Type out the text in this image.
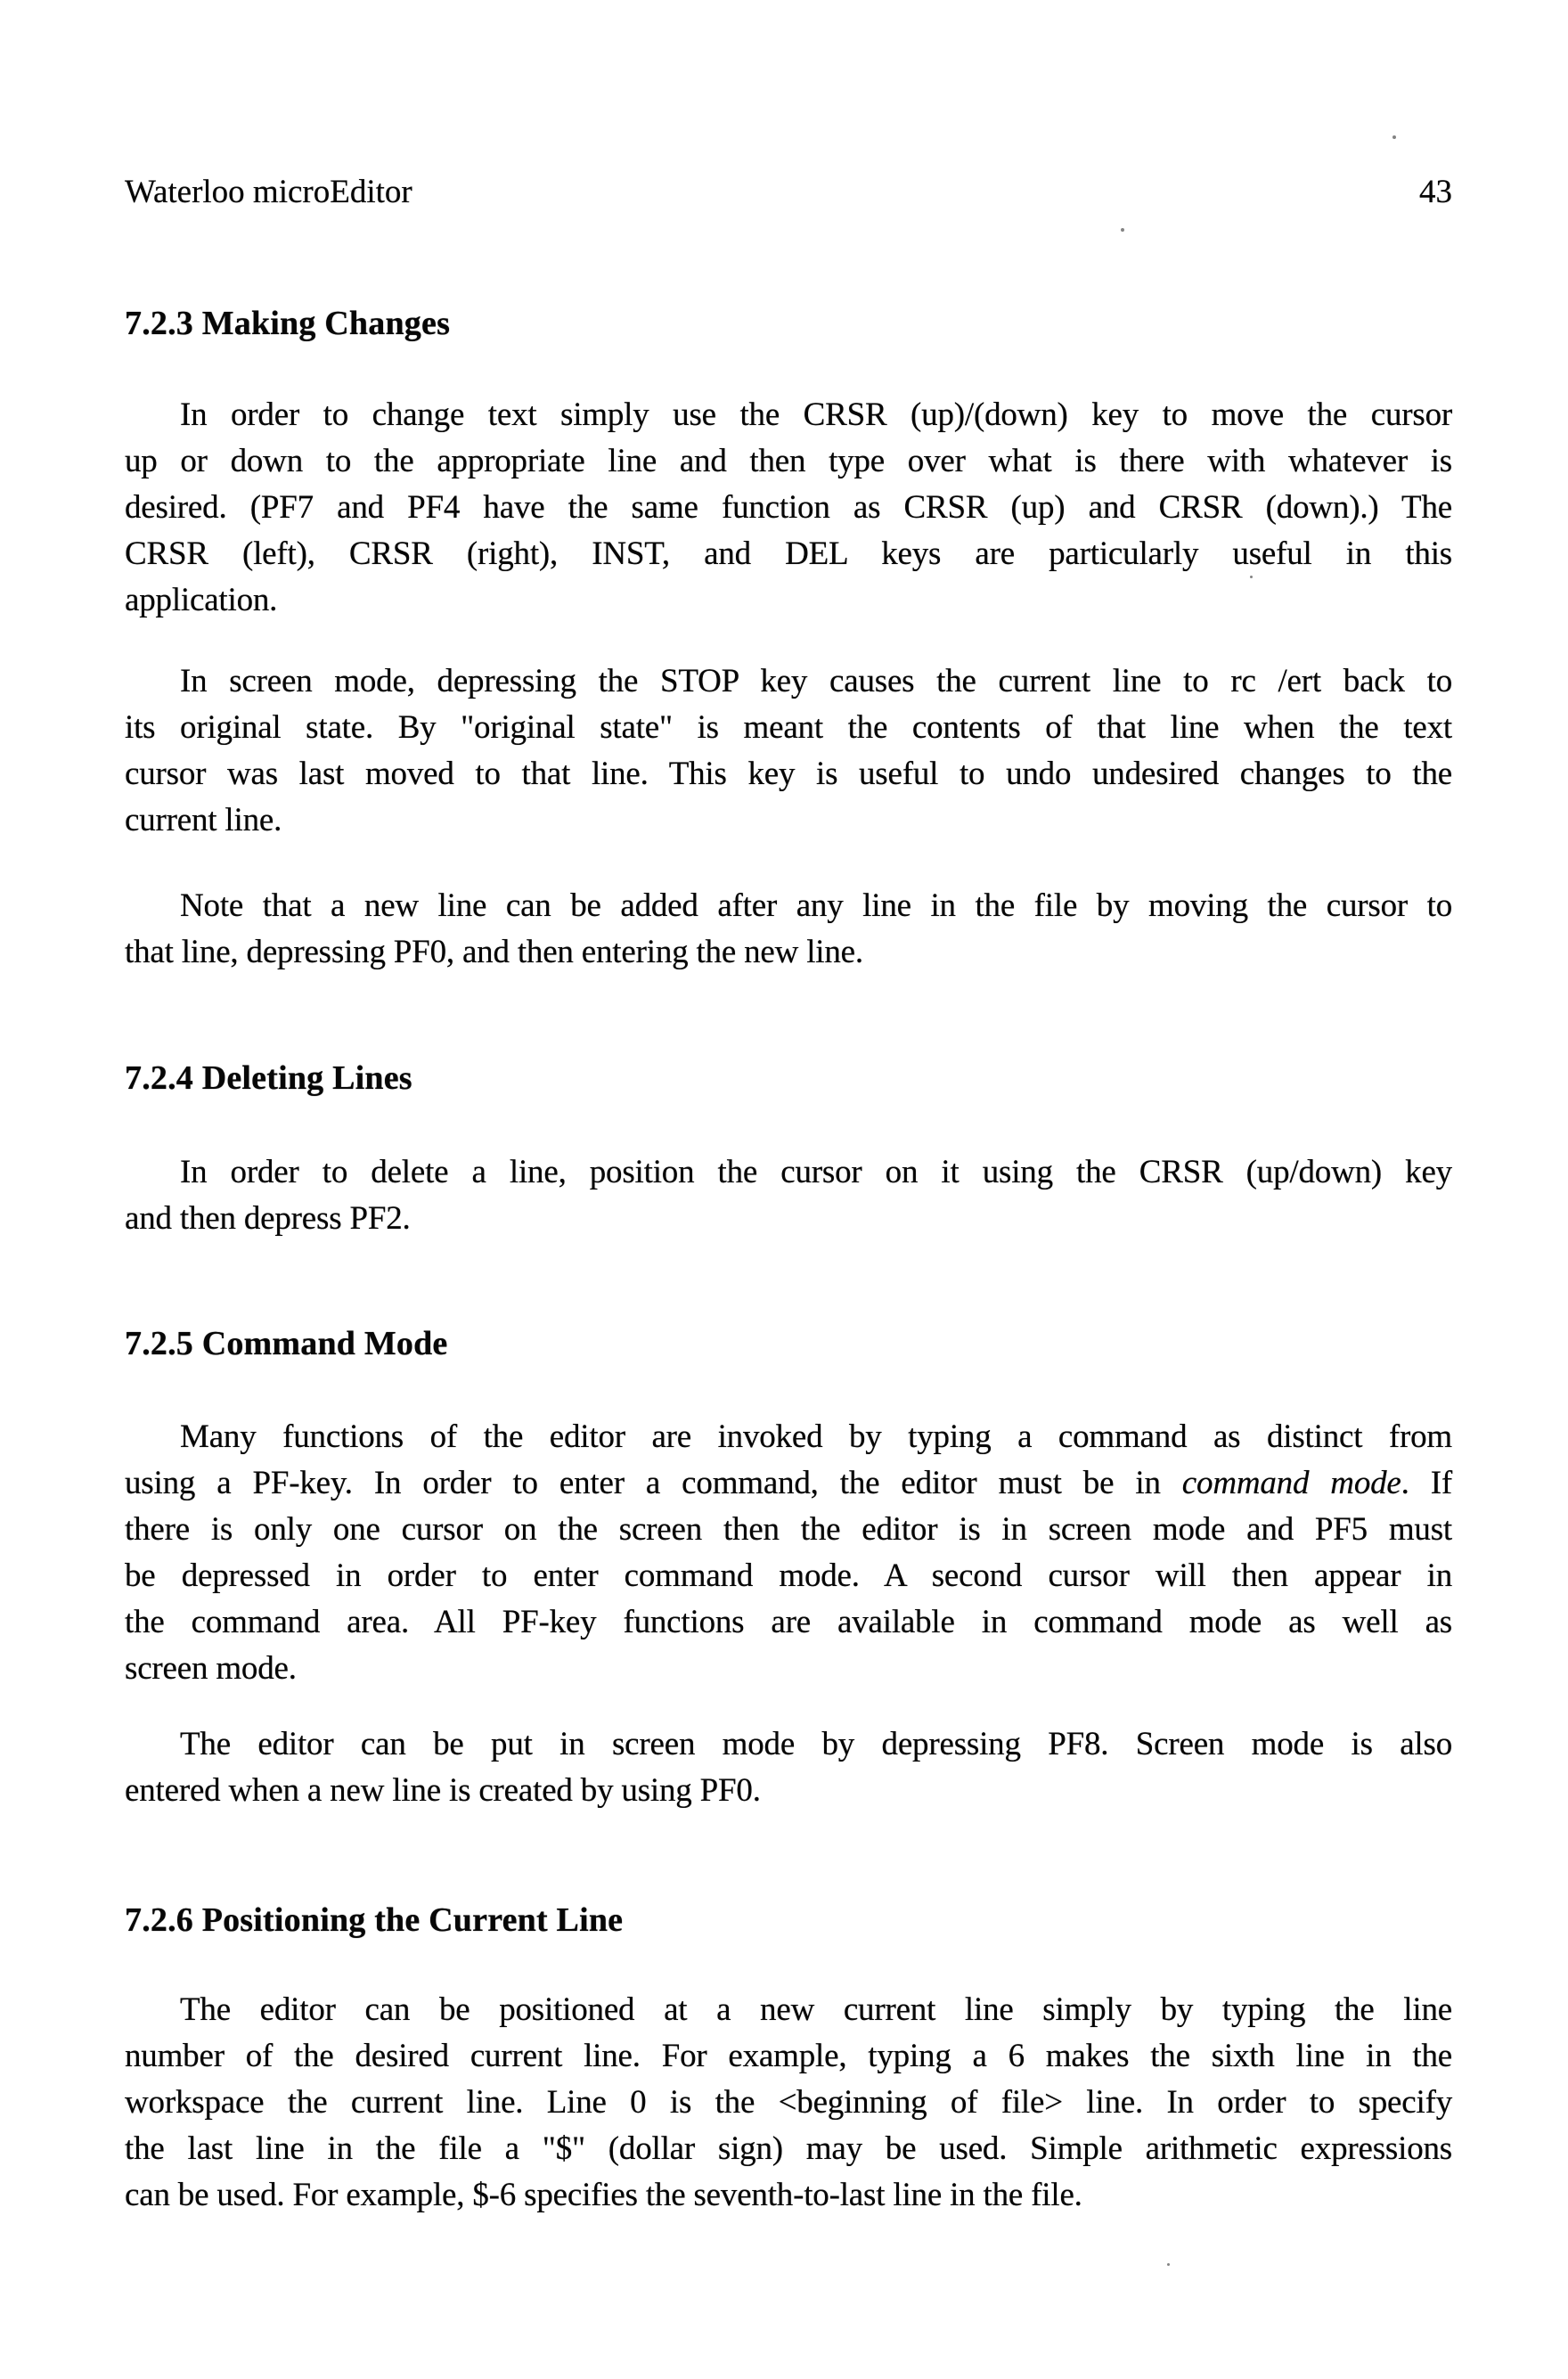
Waterloo microEditor	43
7.2.3 Making Changes
In order to change text simply use the CRSR (up)/(down) key to move the cursor
up or down to the appropriate line and then type over what is there with whatever is
desired. (PF7 and PF4 have the same function as CRSR (up) and CRSR (down).) The
CRSR (left), CRSR (right), INST, and DEL keys are particularly useful in this
application.
In screen mode, depressing the STOP key causes the current line to rc /ert back to
its original state. By "original state" is meant the contents of that line when the text
cursor was last moved to that line. This key is useful to undo undesired changes to the
current line.
Note that a new line can be added after any line in the file by moving the cursor to
that line, depressing PF0, and then entering the new line.
7.2.4 Deleting Lines
In order to delete a line, position the cursor on it using the CRSR (up/down) key
and then depress PF2.
7.2.5 Command Mode
Many functions of the editor are invoked by typing a command as distinct from
using a PF-key. In order to enter a command, the editor must be in command mode. If
there is only one cursor on the screen then the editor is in screen mode and PF5 must
be depressed in order to enter command mode. A second cursor will then appear in
the command area. All PF-key functions are available in command mode as well as
screen mode.
The editor can be put in screen mode by depressing PF8. Screen mode is also
entered when a new line is created by using PF0.
7.2.6 Positioning the Current Line
The editor can be positioned at a new current line simply by typing the line
number of the desired current line. For example, typing a 6 makes the sixth line in the
workspace the current line. Line 0 is the <beginning of file> line. In order to specify
the last line in the file a "$" (dollar sign) may be used. Simple arithmetic expressions
can be used. For example, $-6 specifies the seventh-to-last line in the file.
